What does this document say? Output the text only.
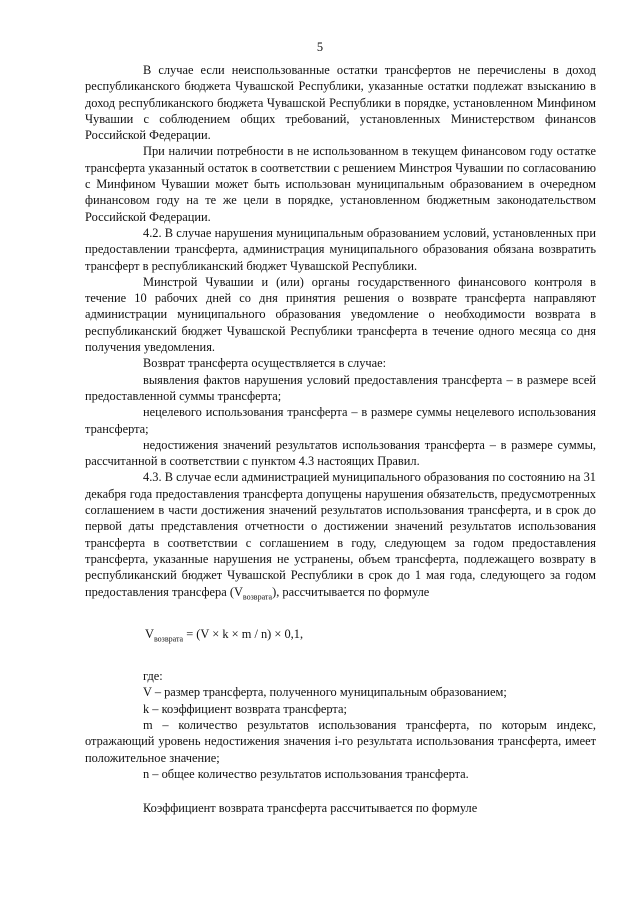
5

В случае если неиспользованные остатки трансфертов не перечислены в доход республиканского бюджета Чувашской Республики, указанные остатки подлежат взысканию в доход республиканского бюджета Чувашской Республики в порядке, установленном Минфином Чувашии с соблюдением общих требований, установленных Министерством финансов Российской Федерации.

При наличии потребности в не использованном в текущем финансовом году остатке трансферта указанный остаток в соответствии с решением Минстроя Чувашии по согласованию с Минфином Чувашии может быть использован муниципальным образованием в очередном финансовом году на те же цели в порядке, установленном бюджетным законодательством Российской Федерации.

4.2. В случае нарушения муниципальным образованием условий, установленных при предоставлении трансферта, администрация муниципального образования обязана возвратить трансферт в республиканский бюджет Чувашской Республики.

Минстрой Чувашии и (или) органы государственного финансового контроля в течение 10 рабочих дней со дня принятия решения о возврате трансферта направляют администрации муниципального образования уведомление о необходимости возврата в республиканский бюджет Чувашской Республики трансферта в течение одного месяца со дня получения уведомления.

Возврат трансферта осуществляется в случае:

выявления фактов нарушения условий предоставления трансферта – в размере всей предоставленной суммы трансферта;

нецелевого использования трансферта – в размере суммы нецелевого использования трансферта;

недостижения значений результатов использования трансферта – в размере суммы, рассчитанной в соответствии с пунктом 4.3 настоящих Правил.

4.3. В случае если администрацией муниципального образования по состоянию на 31 декабря года предоставления трансферта допущены нарушения обязательств, предусмотренных соглашением в части достижения значений результатов использования трансферта, и в срок до первой даты представления отчетности о достижении значений результатов использования трансферта в соответствии с соглашением в году, следующем за годом предоставления трансферта, указанные нарушения не устранены, объем трансферта, подлежащего возврату в республиканский бюджет Чувашской Республики в срок до 1 мая года, следующего за годом предоставления трансфера $(V_{возврата})$, рассчитывается по формуле

$V_{возврата} = (V \times k \times m / n) \times 0,1$,

где:

V – размер трансферта, полученного муниципальным образованием;

k – коэффициент возврата трансферта;

m – количество результатов использования трансферта, по которым индекс, отражающий уровень недостижения значения i-го результата использования трансферта, имеет положительное значение;

n – общее количество результатов использования трансферта.

Коэффициент возврата трансферта рассчитывается по формуле
